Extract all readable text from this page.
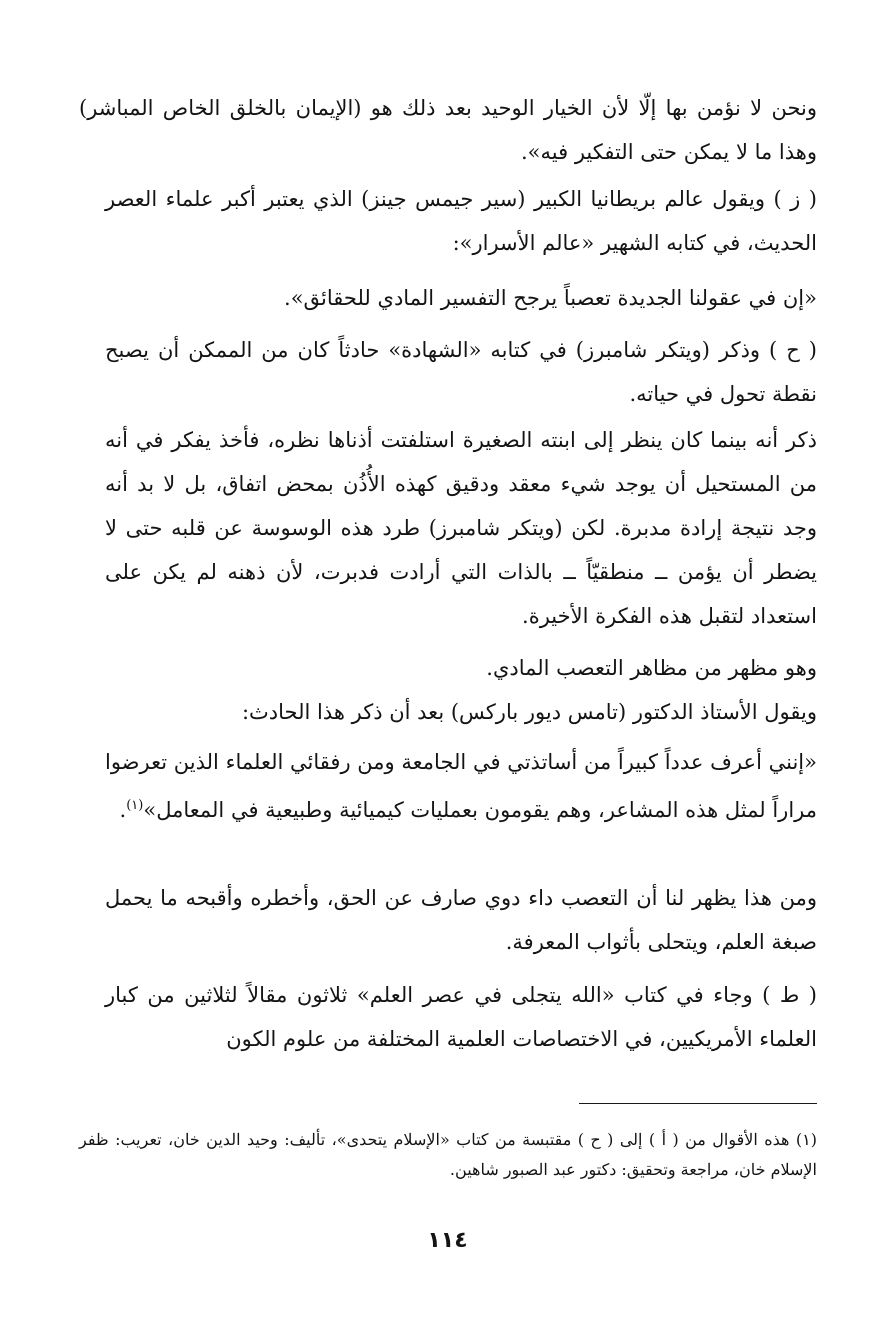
ونحن لا نؤمن بها إلّا لأن الخيار الوحيد بعد ذلك هو (الإيمان بالخلق الخاص المباشر) وهذا ما لا يمكن حتى التفكير فيه».

( ز ) ويقول عالم بريطانيا الكبير (سير جيمس جينز) الذي يعتبر أكبر علماء العصر الحديث، في كتابه الشهير «عالم الأسرار»:

«إن في عقولنا الجديدة تعصباً يرجح التفسير المادي للحقائق».

( ح ) وذكر (ويتكر شامبرز) في كتابه «الشهادة» حادثاً كان من الممكن أن يصبح نقطة تحول في حياته.

ذكر أنه بينما كان ينظر إلى ابنته الصغيرة استلفتت أذناها نظره، فأخذ يفكر في أنه من المستحيل أن يوجد شيء معقد ودقيق كهذه الأُذُن بمحض اتفاق، بل لا بد أنه وجد نتيجة إرادة مدبرة. لكن (ويتكر شامبرز) طرد هذه الوسوسة عن قلبه حتى لا يضطر أن يؤمن ــ منطقيّاً ــ بالذات التي أرادت فدبرت، لأن ذهنه لم يكن على استعداد لتقبل هذه الفكرة الأخيرة.

وهو مظهر من مظاهر التعصب المادي.

ويقول الأستاذ الدكتور (تامس ديور باركس) بعد أن ذكر هذا الحادث:

«إنني أعرف عدداً كبيراً من أساتذتي في الجامعة ومن رفقائي العلماء الذين تعرضوا مراراً لمثل هذه المشاعر، وهم يقومون بعمليات كيميائية وطبيعية في المعامل»$^{(١)}$.

ومن هذا يظهر لنا أن التعصب داء دوي صارف عن الحق، وأخطره وأقبحه ما يحمل صبغة العلم، ويتحلى بأثواب المعرفة.

( ط ) وجاء في كتاب «الله يتجلى في عصر العلم» ثلاثون مقالاً لثلاثين من كبار العلماء الأمريكيين، في الاختصاصات العلمية المختلفة من علوم الكون

(١) هذه الأقوال من ( أ ) إلى ( ح ) مقتبسة من كتاب «الإسلام يتحدى»، تأليف: وحيد الدين خان، تعريب: ظفر الإسلام خان، مراجعة وتحقيق: دكتور عبد الصبور شاهين.

١١٤
